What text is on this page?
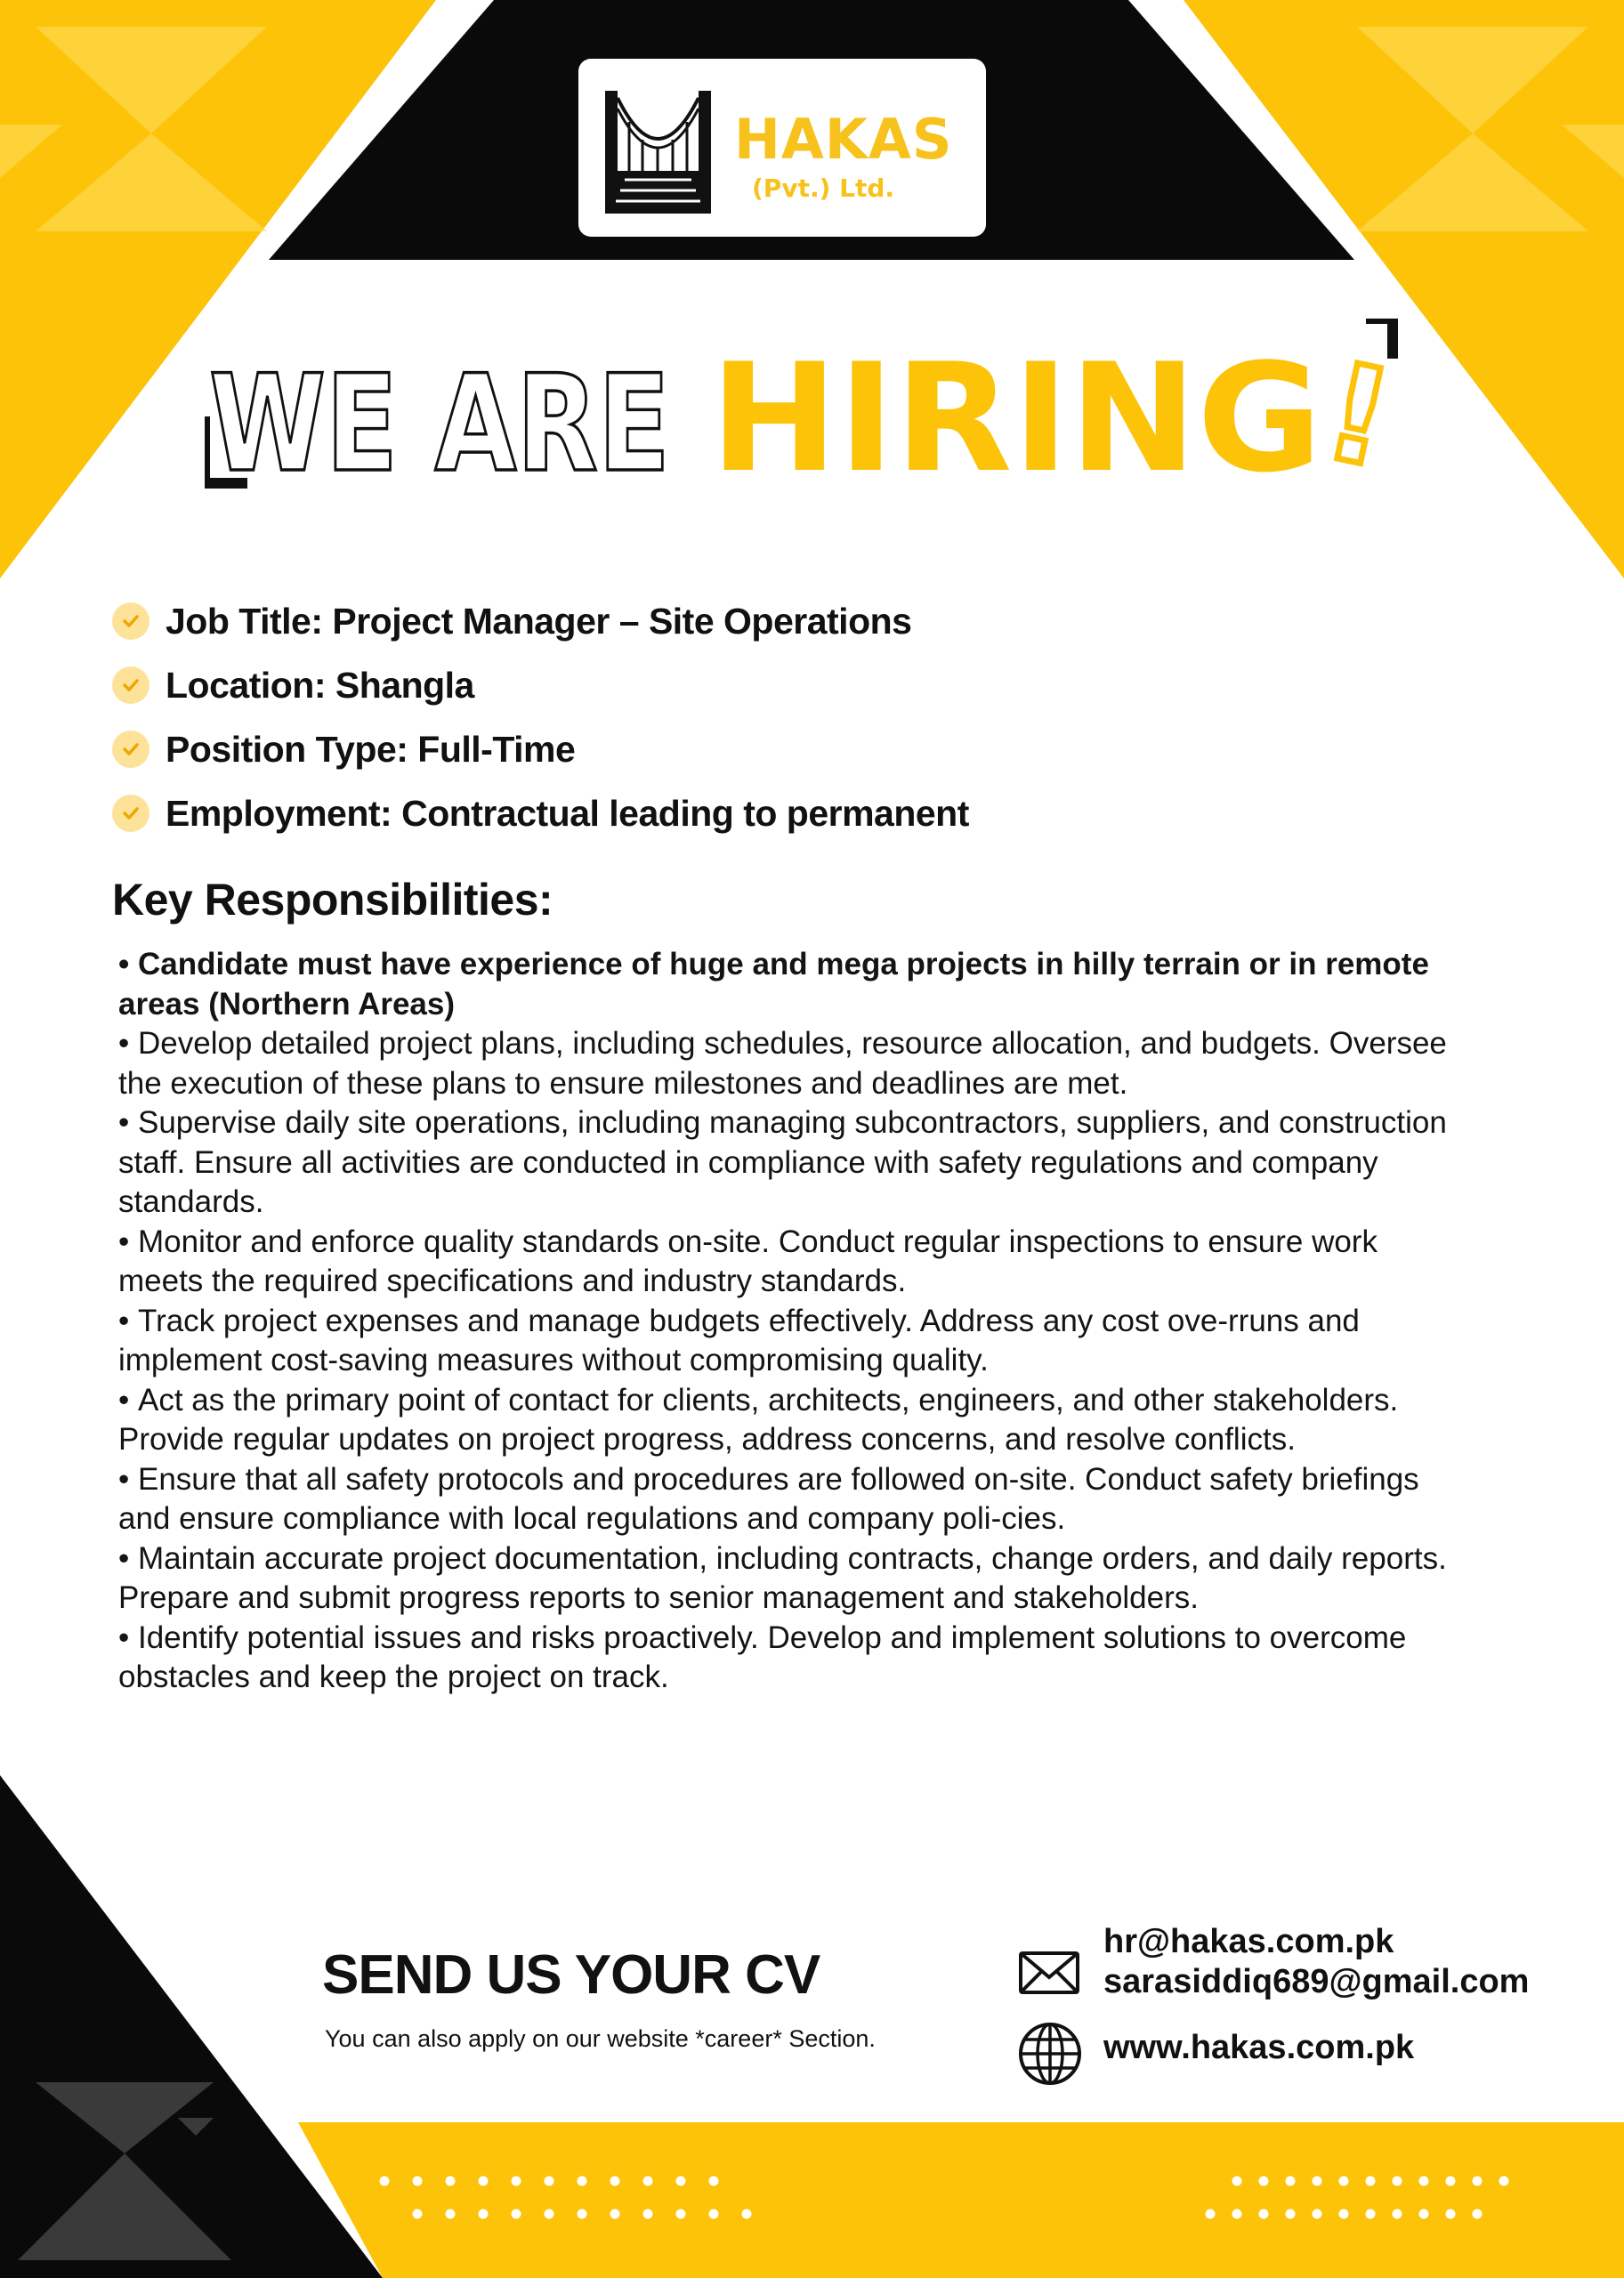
HAKAS
(Pvt.) Ltd.
WE ARE HIRING
!
Job Title: Project Manager – Site Operations
Location: Shangla
Position Type: Full-Time
Employment: Contractual leading to permanent
Key Responsibilities:
• Candidate must have experience of huge and mega projects in hilly terrain or in remote areas (Northern Areas)
• Develop detailed project plans, including schedules, resource allocation, and budgets. Oversee the execution of these plans to ensure milestones and deadlines are met.
• Supervise daily site operations, including managing subcontractors, suppliers, and construction staff. Ensure all activities are conducted in compliance with safety regulations and company standards.
• Monitor and enforce quality standards on-site. Conduct regular inspections to ensure work meets the required specifications and industry standards.
• Track project expenses and manage budgets effectively. Address any cost ove-rruns and implement cost-saving measures without compromising quality.
• Act as the primary point of contact for clients, architects, engineers, and other stakeholders. Provide regular updates on project progress, address concerns, and resolve conflicts.
• Ensure that all safety protocols and procedures are followed on-site. Conduct safety briefings and ensure compliance with local regulations and company poli-cies.
• Maintain accurate project documentation, including contracts, change orders, and daily reports. Prepare and submit progress reports to senior management and stakeholders.
• Identify potential issues and risks proactively. Develop and implement solutions to overcome obstacles and keep the project on track.
SEND US YOUR CV
You can also apply on our website *career* Section.
hr@hakas.com.pk
sarasiddiq689@gmail.com
www.hakas.com.pk
